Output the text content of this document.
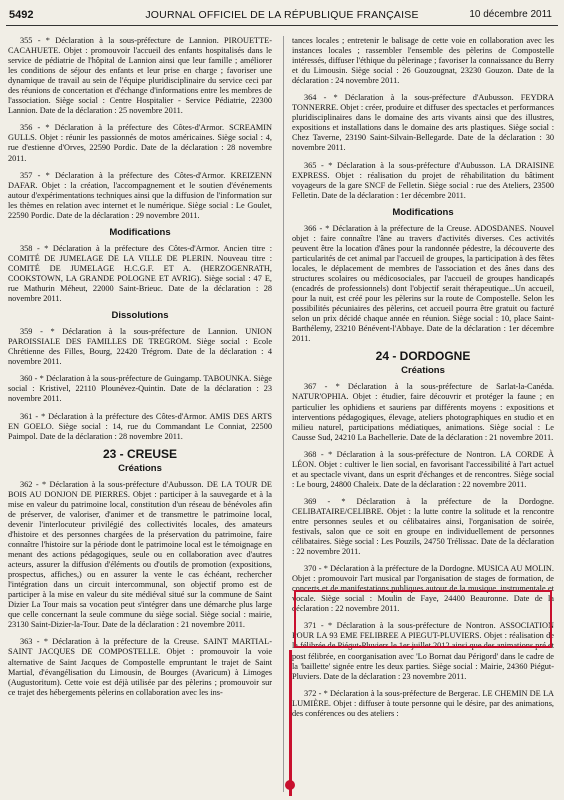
5492	JOURNAL OFFICIEL DE LA RÉPUBLIQUE FRANÇAISE	10 décembre 2011

355 - * Déclaration à la sous-préfecture de Lannion. PIROUETTE-CACAHUETE. Objet : promouvoir l'accueil des enfants hospitalisés dans le service de pédiatrie de l'hôpital de Lannion ainsi que leur famille ; améliorer les conditions de séjour des enfants et leur prise en charge ; favoriser une dynamique de travail au sein de l'équipe pluridisciplinaire du service ceci par des réunions de concertation et d'échange d'informations entre les membres de l'association. Siège social : Centre Hospitalier - Service Pédiatrie, 22300 Lannion. Date de la déclaration : 25 novembre 2011.

356 - * Déclaration à la préfecture des Côtes-d'Armor. SCREAMIN GULLS. Objet : réunir les passionnés de motos américaines. Siège social : 4, rue d'estienne d'Orves, 22590 Pordic. Date de la déclaration : 28 novembre 2011.

357 - * Déclaration à la préfecture des Côtes-d'Armor. KREIZENN DAFAR. Objet : la création, l'accompagnement et le soutien d'événements autour d'expérimentations techniques ainsi que la diffusion de l'information sur les thèmes en relation avec internet et le numérique. Siège social : Le Goulet, 22590 Pordic. Date de la déclaration : 29 novembre 2011.

Modifications

358 - * Déclaration à la préfecture des Côtes-d'Armor. Ancien titre : COMITÉ DE JUMELAGE DE LA VILLE DE PLERIN. Nouveau titre : COMITÉ DE JUMELAGE H.C.G.F. ET A. (HERZOGENRATH, COOKSTOWN, LA GRANDE POLOGNE ET AVRIG). Siège social : 47 E, rue Mathurin Méheut, 22000 Saint-Brieuc. Date de la déclaration : 28 novembre 2011.

Dissolutions

359 - * Déclaration à la sous-préfecture de Lannion. UNION PAROISSIALE DES FAMILLES DE TREGROM. Siège social : Ecole Chrétienne des Filles, Bourg, 22420 Trégrom. Date de la déclaration : 4 novembre 2011.

360 - * Déclaration à la sous-préfecture de Guingamp. TABOUNKA. Siège social : Kristivel, 22110 Plounévez-Quintin. Date de la déclaration : 23 novembre 2011.

361 - * Déclaration à la préfecture des Côtes-d'Armor. AMIS DES ARTS EN GOELO. Siège social : 14, rue du Commandant Le Conniat, 22500 Paimpol. Date de la déclaration : 28 novembre 2011.

23 - CREUSE
Créations

362 - * Déclaration à la sous-préfecture d'Aubusson. DE LA TOUR DE BOIS AU DONJON DE PIERRES. Objet : participer à la sauvegarde et à la mise en valeur du patrimoine local, constitution d'un réseau de bénévoles afin de préserver, de valoriser, d'animer et de transmettre le patrimoine local, devenir l'interlocuteur privilégié des collectivités locales, des amateurs d'histoire et des personnes chargées de la préservation du patrimoine, faire connaître l'histoire sur la période dont le patrimoine local est le témoignage en menant des actions pédagogiques, seule ou en collaboration avec d'autres acteurs, assurer la diffusion d'éléments ou d'outils de promotion (expositions, prospectus, affiches,) ou en assurer la vente le cas échéant, rechercher l'intégration dans un circuit intercommunal, son objectif promo est de participer à la mise en valeur du site médiéval situé sur la commune de Saint Dizier La Tour mais sa vocation peut s'intégrer dans une démarche plus large que celle concernant la seule commune du siège social. Siège social : mairie, 23130 Saint-Dizier-la-Tour. Date de la déclaration : 21 novembre 2011.

363 - * Déclaration à la préfecture de la Creuse. SAINT MARTIAL- SAINT JACQUES DE COMPOSTELLE. Objet : promouvoir la voie alternative de Saint Jacques de Compostelle empruntant le trajet de Saint Martial, d'évangélisation du Limousin, de Bourges (Avaricum) à Limoges (Augustoritum). Cette voie est déjà utilisée par des pèlerins ; promouvoir sur ce trajet des hébergements pèlerins en collaboration avec les ins-

tances locales ; entretenir le balisage de cette voie en collaboration avec les instances locales ; rassembler l'ensemble des pèlerins de Compostelle intéressés, diffuser l'éthique du pèlerinage ; favoriser la connaissance du Berry et du Limousin. Siège social : 26 Gouzougnat, 23230 Gouzon. Date de la déclaration : 24 novembre 2011.

364 - * Déclaration à la sous-préfecture d'Aubusson. FEYDRA TONNERRE. Objet : créer, produire et diffuser des spectacles et performances pluridisciplinaires dans le domaine des arts vivants ainsi que des illustres, expositions et installations dans le domaine des arts plastiques. Siège social : Chez Taverne, 23190 Saint-Silvain-Bellegarde. Date de la déclaration : 30 novembre 2011.

365 - * Déclaration à la sous-préfecture d'Aubusson. LA DRAISINE EXPRESS. Objet : réalisation du projet de réhabilitation du bâtiment voyageurs de la gare SNCF de Felletin. Siège social : rue des Ateliers, 23500 Felletin. Date de la déclaration : 1er décembre 2011.

Modifications

366 - * Déclaration à la préfecture de la Creuse. ADOSDANES. Nouvel objet : faire connaître l'âne au travers d'activités diverses. Ces activités peuvent être la location d'ânes pour la randonnée pédestre, la découverte des particularités de cet animal par l'accueil de groupes, la participation à des fêtes locales, le déplacement de membres de l'association et des ânes dans des structures scolaires ou médicosociales, par l'accueil de groupes handicapés (encadrés de professionnels) dont l'objectif serait thérapeutique...Un accueil, pour la nuit, est créé pour les pèlerins sur la route de Compostelle. Selon les possibilités pécuniaires des pèlerins, cet accueil pourra être gratuit ou facturé selon un prix décidé chaque année en réunion. Siège social : 10, place Saint-Barthélemy, 23210 Bénévent-l'Abbaye. Date de la déclaration : 1er décembre 2011.

24 - DORDOGNE
Créations

367 - * Déclaration à la sous-préfecture de Sarlat-la-Canéda. NATUR'OPHIA. Objet : étudier, faire découvrir et protéger la faune ; en particulier les ophidiens et sauriens par différents moyens : expositions et interventions pédagogiques, élevage, ateliers photographiques en studio et en milieu naturel, participations médiatiques, animations. Siège social : Le Causse Sud, 24210 La Bachellerie. Date de la déclaration : 21 novembre 2011.

368 - * Déclaration à la sous-préfecture de Nontron. LA CORDE À LÉON. Objet : cultiver le lien social, en favorisant l'accessibilité à l'art actuel et au spectacle vivant, dans un esprit d'échanges et de rencontres. Siège social : Le bourg, 24800 Chaleix. Date de la déclaration : 22 novembre 2011.

369 - * Déclaration à la préfecture de la Dordogne. CELIBATAIRE/CELIBRE. Objet : la lutte contre la solitude et la rencontre entre personnes seules et ou célibataires ainsi, l'organisation de soirée, festivals, salon que ce soit en groupe en individuellement de personnes célibataires. Siège social : Les Pouzils, 24750 Trélissac. Date de la déclaration : 22 novembre 2011.

370 - * Déclaration à la préfecture de la Dordogne. MUSICA AU MOLIN. Objet : promouvoir l'art musical par l'organisation de stages de formation, de concerts et de manifestations publiques autour de la musique, instrumentale et vocale. Siège social : Moulin de Faye, 24400 Beauronne. Date de la déclaration : 22 novembre 2011.

371 - * Déclaration à la sous-préfecture de Nontron. ASSOCIATION POUR LA 93 EME FELIBREE A PIEGUT-PLUVIERS. Objet : réalisation de la félibrée de Piégut-Pluviers le 1er juillet 2012 ainsi que des animations pré et post félibrée, en coorganisation avec 'Lo Bornat dau Périgord' dans le cadre de la 'baillette' signée entre les deux parties. Siège social : Mairie, 24360 Piégut-Pluviers. Date de la déclaration : 23 novembre 2011.

372 - * Déclaration à la sous-préfecture de Bergerac. LE CHEMIN DE LA LUMIÈRE. Objet : diffuser à toute personne qui le désire, par des animations, des conférences ou des ateliers :
